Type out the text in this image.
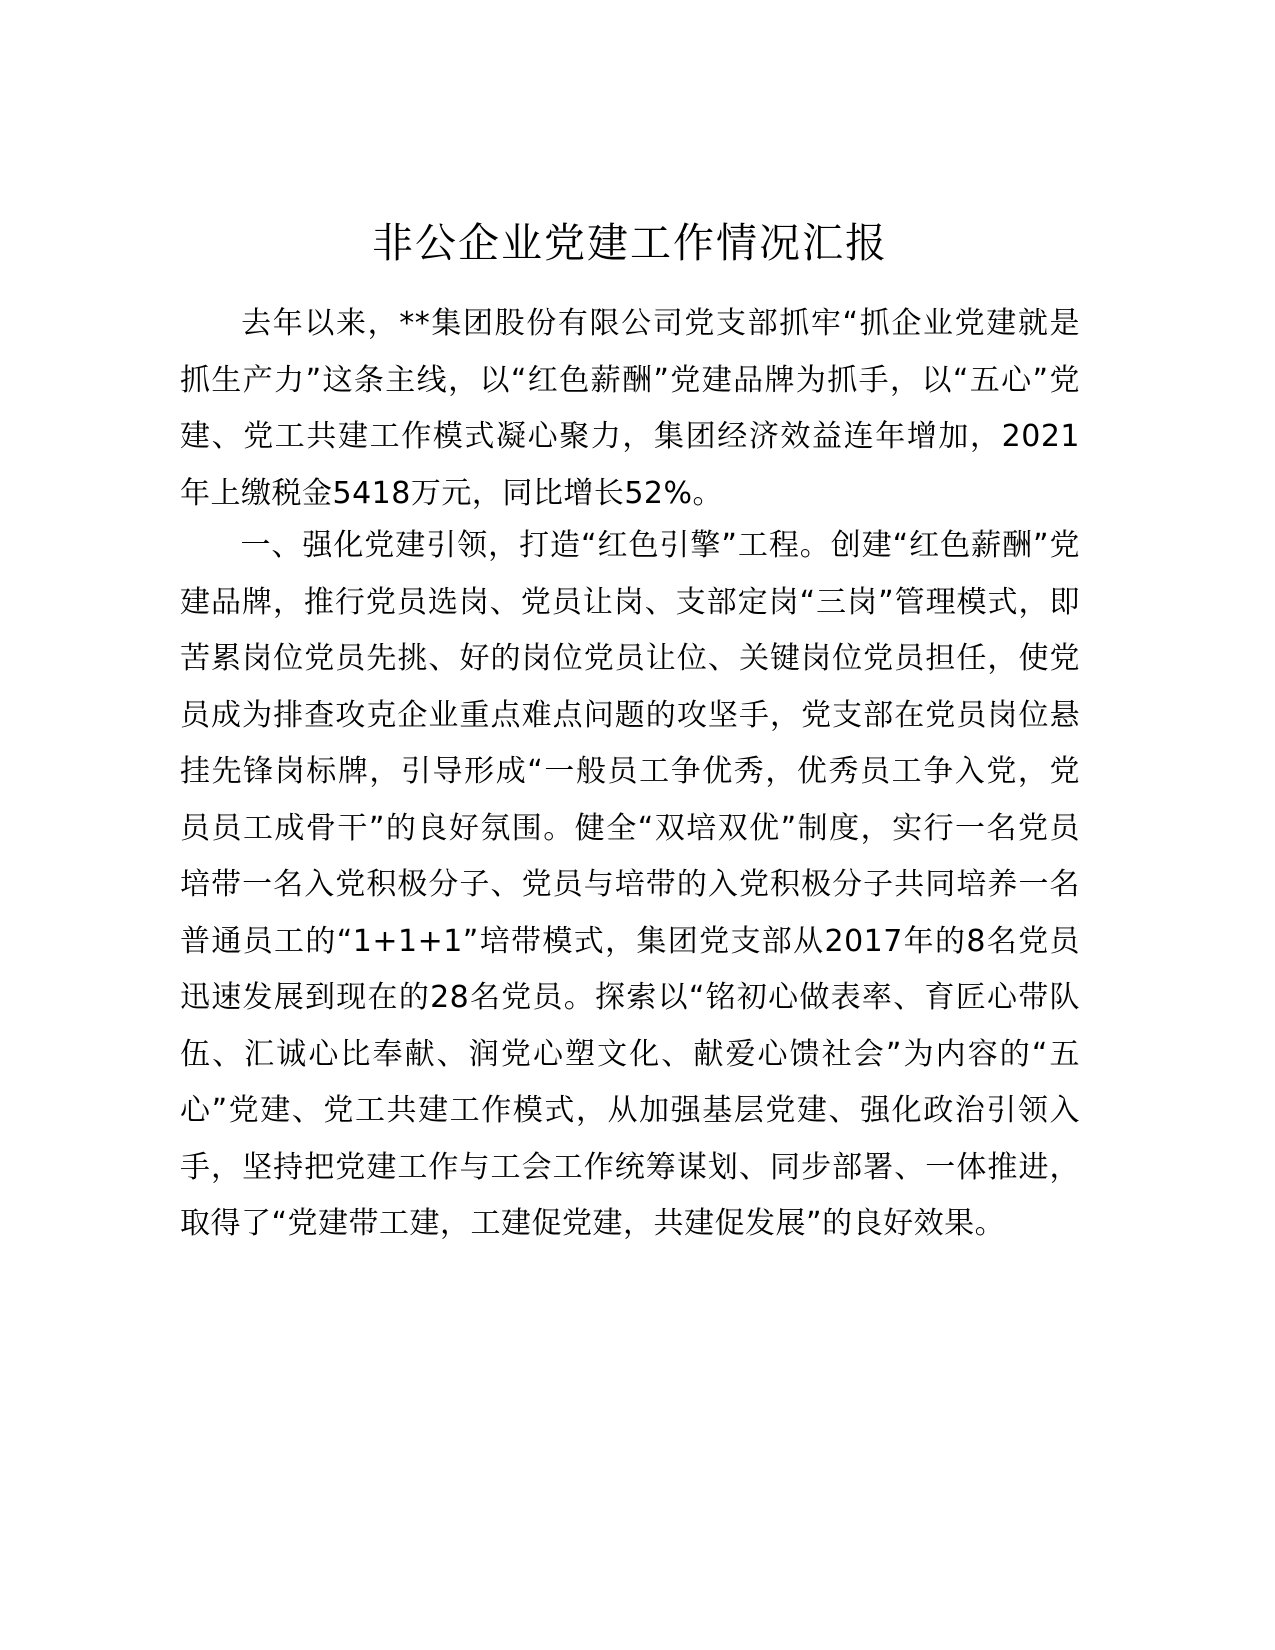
非公企业党建工作情况汇报

去年以来，**集团股份有限公司党支部抓牢“抓企业党建就是抓生产力”这条主线，以“红色薪酬”党建品牌为抓手，以“五心”党建、党工共建工作模式凝心聚力，集团经济效益连年增加，2021年上缴税金5418万元，同比增长52%。

一、强化党建引领，打造“红色引擎”工程。创建“红色薪酬”党建品牌，推行党员选岗、党员让岗、支部定岗“三岗”管理模式，即苦累岗位党员先挑、好的岗位党员让位、关键岗位党员担任，使党员成为排查攻克企业重点难点问题的攻坚手，党支部在党员岗位悬挂先锋岗标牌，引导形成“一般员工争优秀，优秀员工争入党，党员员工成骨干”的良好氛围。健全“双培双优”制度，实行一名党员培带一名入党积极分子、党员与培带的入党积极分子共同培养一名普通员工的“1+1+1”培带模式，集团党支部从2017年的8名党员迅速发展到现在的28名党员。探索以“铭初心做表率、育匠心带队伍、汇诚心比奉献、润党心塑文化、献爱心馈社会”为内容的“五心”党建、党工共建工作模式，从加强基层党建、强化政治引领入手，坚持把党建工作与工会工作统筹谋划、同步部署、一体推进，取得了“党建带工建，工建促党建，共建促发展”的良好效果。
